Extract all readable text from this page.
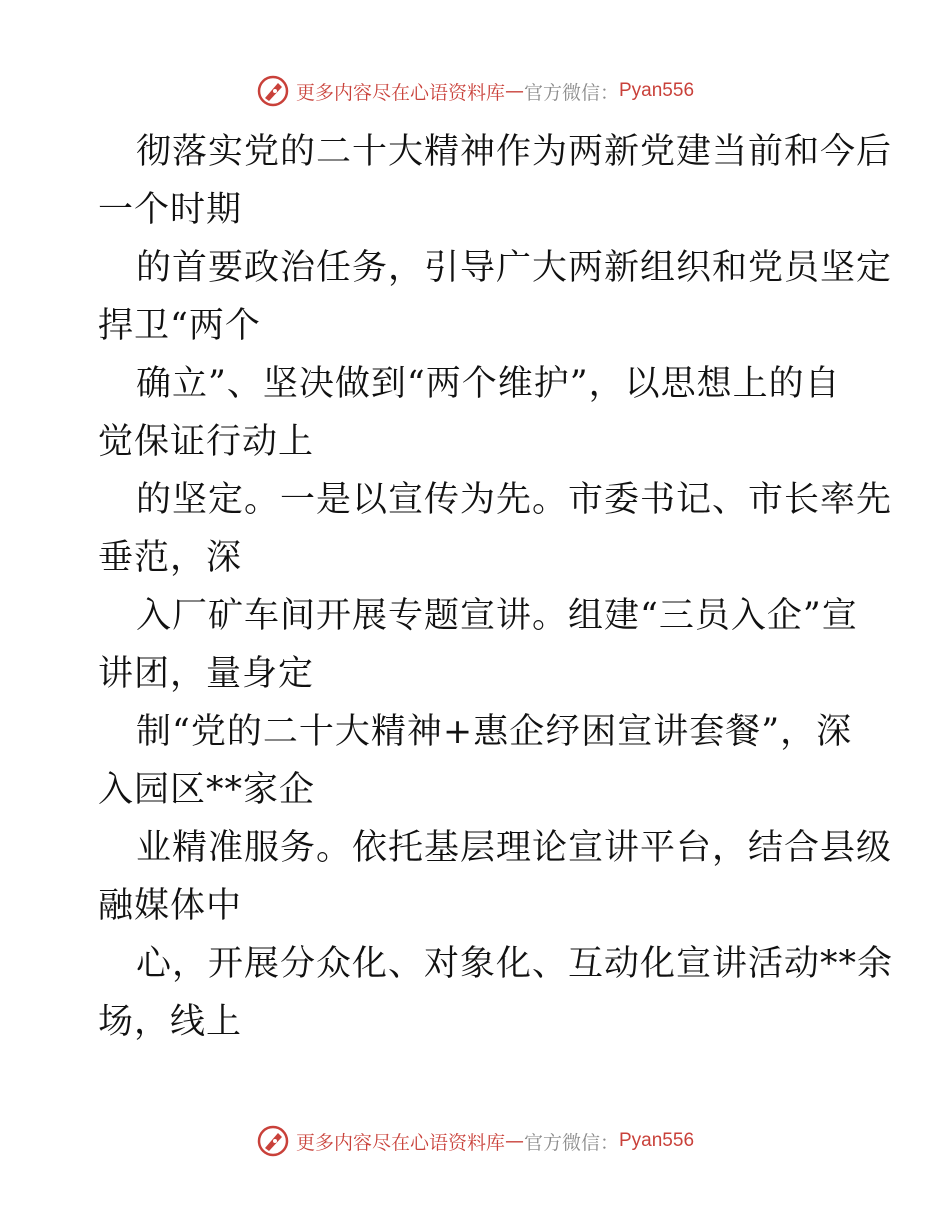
更多内容尽在心语资料库 — 官方微信： Pyan556
彻落实党的二十大精神作为两新党建当前和今后
一个时期
的首要政治任务，引导广大两新组织和党员坚定
捍卫“两个
确立”、坚决做到“两个维护”，以思想上的自
觉保证行动上
的坚定。一是以宣传为先。市委书记、市长率先
垂范，深
入厂矿车间开展专题宣讲。组建“三员入企”宣
讲团，量身定
制“党的二十大精神+惠企纾困宣讲套餐”，深
入园区**家企
业精准服务。依托基层理论宣讲平台，结合县级
融媒体中
心，开展分众化、对象化、互动化宣讲活动**余
场，线上
更多内容尽在心语资料库 — 官方微信： Pyan556
